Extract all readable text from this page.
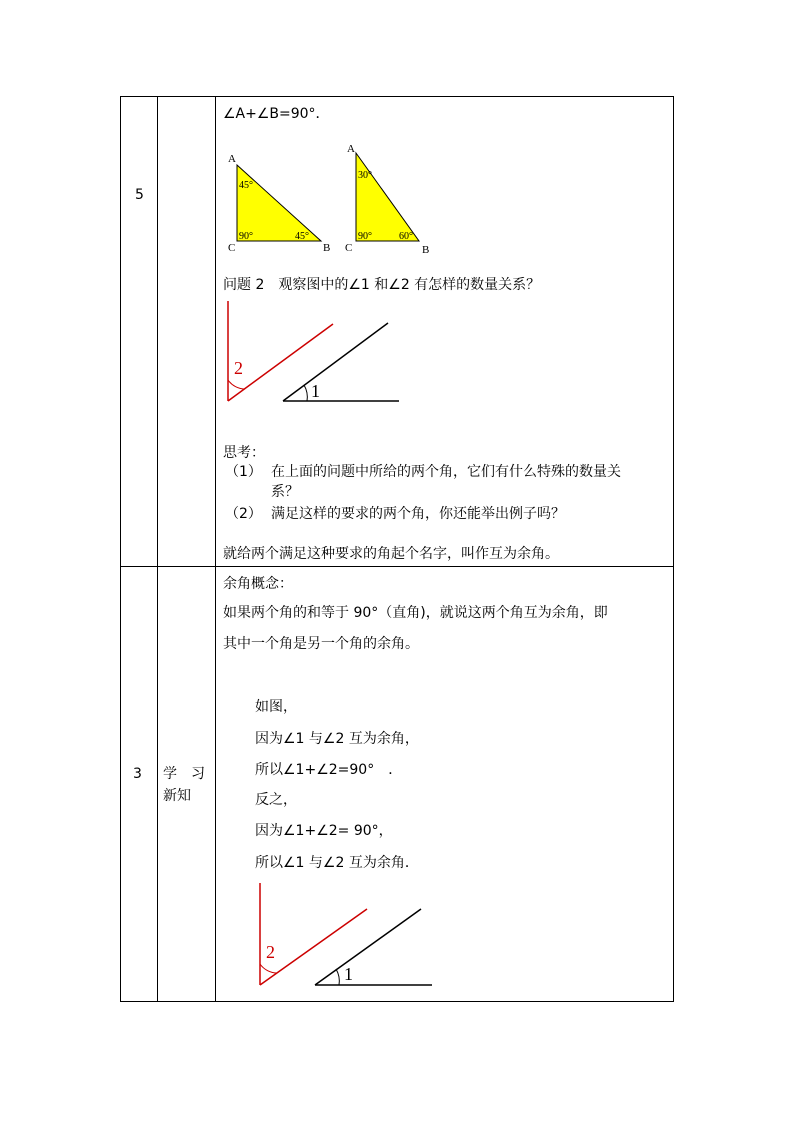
5
∠A+∠B=90°．
A
C	B
45°
90°	45°
A
C	B
30°
90°	60°
问题 2　观察图中的∠1 和∠2 有怎样的数量关系？
2
1
思考：
（1） 在上面的问题中所给的两个角，它们有什么特殊的数量关
系？
（2） 满足这样的要求的两个角，你还能举出例子吗？
就给两个满足这种要求的角起个名字，叫作互为余角。
3 学　习
新知
余角概念：
如果两个角的和等于 90°（直角)，就说这两个角互为余角，即
其中一个角是另一个角的余角。
如图，
因为∠1 与∠2 互为余角，
所以∠1+∠2=90°　．
反之，
因为∠1+∠2= 90°，
所以∠1 与∠2 互为余角．
2
1
